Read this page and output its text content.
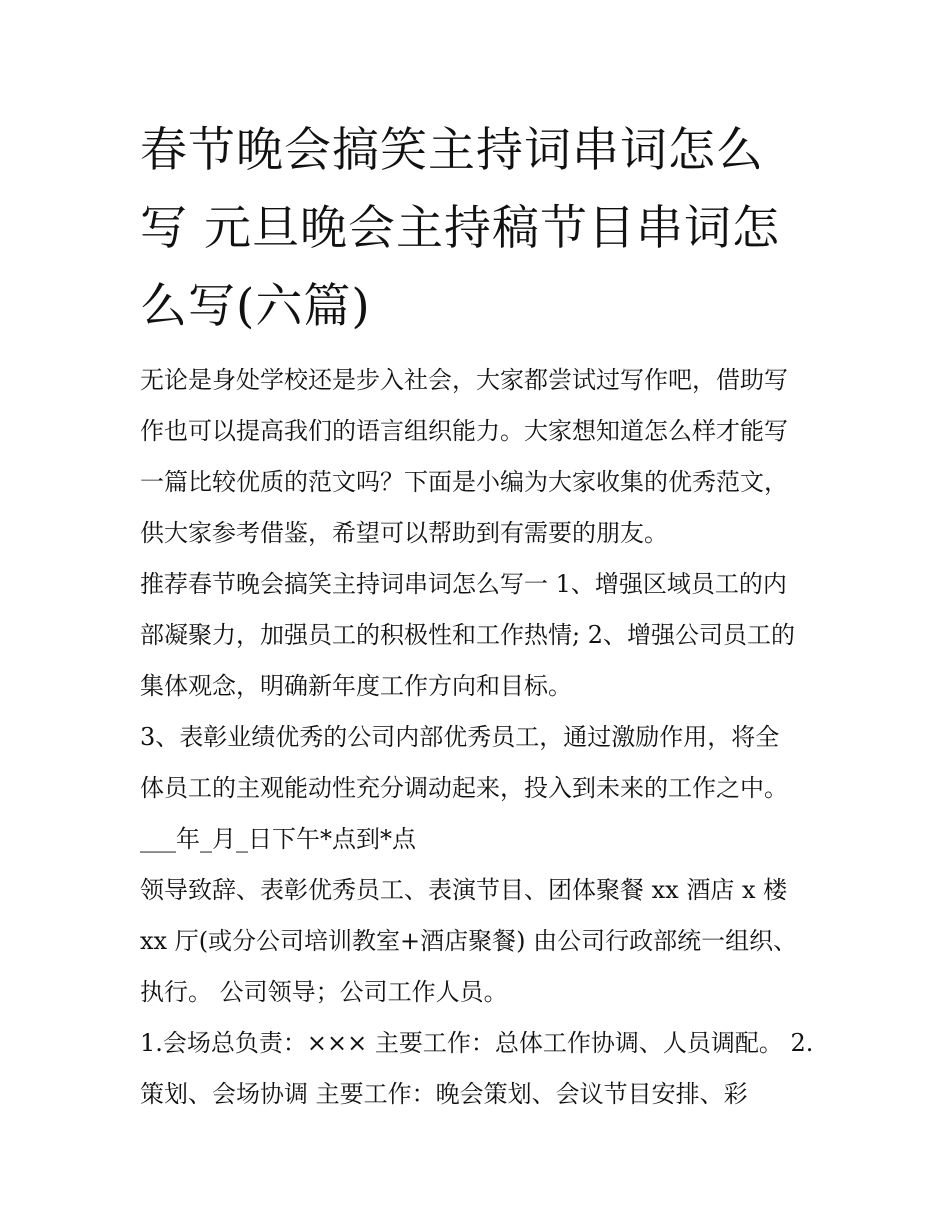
春节晚会搞笑主持词串词怎么
写 元旦晚会主持稿节目串词怎
么写(六篇)

无论是身处学校还是步入社会，大家都尝试过写作吧，借助写
作也可以提高我们的语言组织能力。大家想知道怎么样才能写
一篇比较优质的范文吗？下面是小编为大家收集的优秀范文，
供大家参考借鉴，希望可以帮助到有需要的朋友。

推荐春节晚会搞笑主持词串词怎么写一 1、增强区域员工的内
部凝聚力，加强员工的积极性和工作热情; 2、增强公司员工的
集体观念，明确新年度工作方向和目标。

3、表彰业绩优秀的公司内部优秀员工，通过激励作用，将全
体员工的主观能动性充分调动起来，投入到未来的工作之中。

___年_月_日下午*点到*点

领导致辞、表彰优秀员工、表演节目、团体聚餐 xx 酒店 x 楼
xx 厅(或分公司培训教室+酒店聚餐) 由公司行政部统一组织、
执行。 公司领导；公司工作人员。

1.会场总负责：××× 主要工作：总体工作协调、人员调配。 2.
策划、会场协调 主要工作：晚会策划、会议节目安排、彩
